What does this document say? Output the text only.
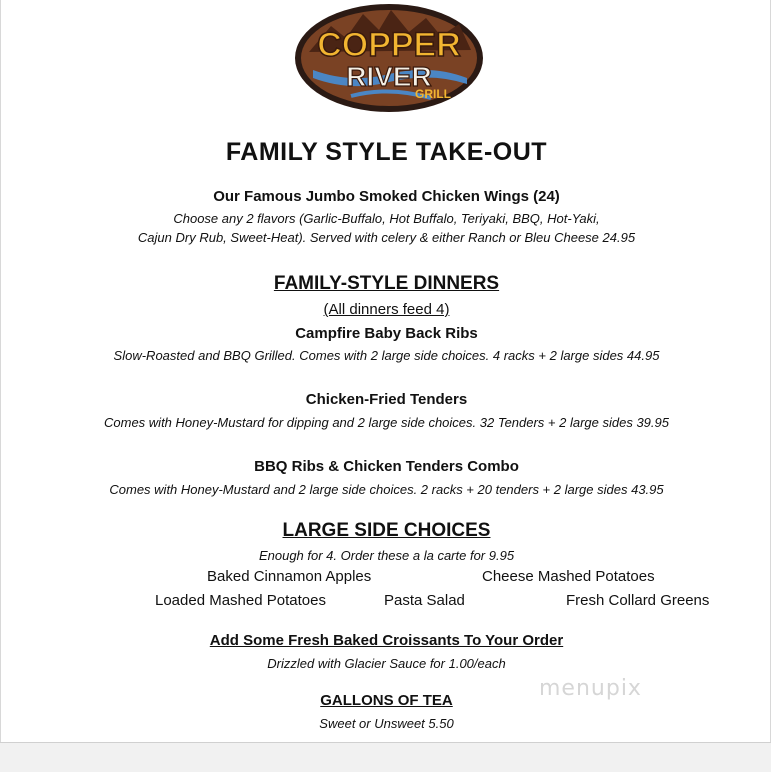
COPPER
RIVER
GRILL
FAMILY STYLE TAKE-OUT
Our Famous Jumbo Smoked Chicken Wings (24)
Choose any 2 flavors (Garlic-Buffalo, Hot Buffalo, Teriyaki, BBQ, Hot-Yaki,
Cajun Dry Rub, Sweet-Heat). Served with celery & either Ranch or Bleu Cheese 24.95
FAMILY-STYLE DINNERS
(All dinners feed 4)
Campfire Baby Back Ribs
Slow-Roasted and BBQ Grilled. Comes with 2 large side choices. 4 racks + 2 large sides 44.95
Chicken-Fried Tenders
Comes with Honey-Mustard for dipping and 2 large side choices. 32 Tenders + 2 large sides 39.95
BBQ Ribs & Chicken Tenders Combo
Comes with Honey-Mustard and 2 large side choices. 2 racks + 20 tenders + 2 large sides 43.95
LARGE SIDE CHOICES
Enough for 4. Order these a la carte for 9.95
Baked Cinnamon Apples	Cheese Mashed Potatoes
Loaded Mashed Potatoes	Pasta Salad	Fresh Collard Greens
Add Some Fresh Baked Croissants To Your Order
Drizzled with Glacier Sauce for 1.00/each
GALLONS OF TEA
Sweet or Unsweet 5.50
menupix
